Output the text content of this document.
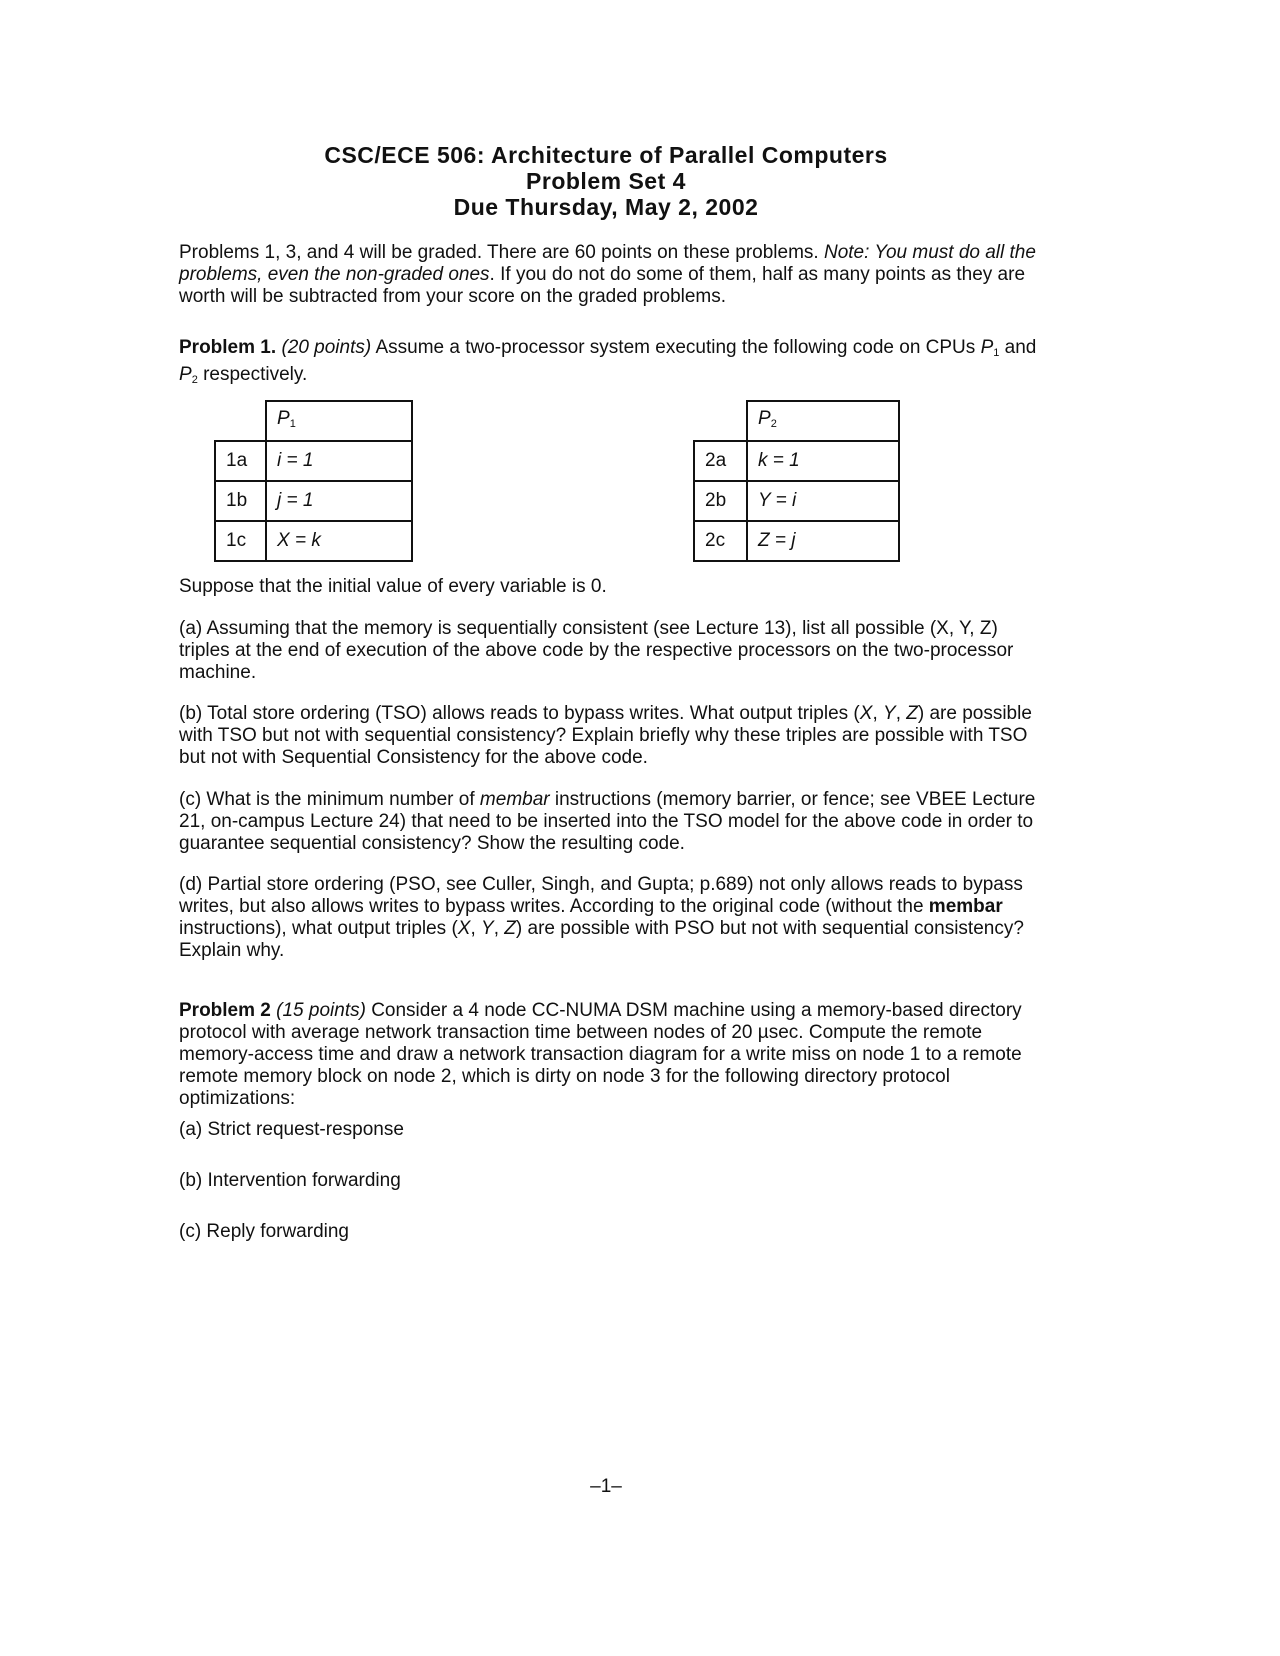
CSC/ECE 506: Architecture of Parallel Computers
Problem Set 4
Due Thursday, May 2, 2002
Problems 1, 3, and 4 will be graded. There are 60 points on these problems. Note: You must do all the problems, even the non-graded ones. If you do not do some of them, half as many points as they are worth will be subtracted from your score on the graded problems.
Problem 1. (20 points) Assume a two-processor system executing the following code on CPUs $P_1$ and $P_2$ respectively.
	$P_1$
1a	i = 1
1b	j = 1
1c	X = k
	$P_2$
2a	k = 1
2b	Y = i
2c	Z = j
Suppose that the initial value of every variable is 0.
(a) Assuming that the memory is sequentially consistent (see Lecture 13), list all possible (X, Y, Z) triples at the end of execution of the above code by the respective processors on the two-processor machine.
(b) Total store ordering (TSO) allows reads to bypass writes. What output triples (X, Y, Z) are possible with TSO but not with sequential consistency? Explain briefly why these triples are possible with TSO but not with Sequential Consistency for the above code.
(c) What is the minimum number of membar instructions (memory barrier, or fence; see VBEE Lecture 21, on-campus Lecture 24) that need to be inserted into the TSO model for the above code in order to guarantee sequential consistency? Show the resulting code.
(d) Partial store ordering (PSO, see Culler, Singh, and Gupta; p.689) not only allows reads to bypass writes, but also allows writes to bypass writes. According to the original code (without the membar instructions), what output triples (X, Y, Z) are possible with PSO but not with sequential consistency? Explain why.
Problem 2 (15 points) Consider a 4 node CC-NUMA DSM machine using a memory-based directory protocol with average network transaction time between nodes of 20 µsec. Compute the remote memory-access time and draw a network transaction diagram for a write miss on node 1 to a remote remote memory block on node 2, which is dirty on node 3 for the following directory protocol optimizations:
(a) Strict request-response
(b) Intervention forwarding
(c) Reply forwarding
–1–
